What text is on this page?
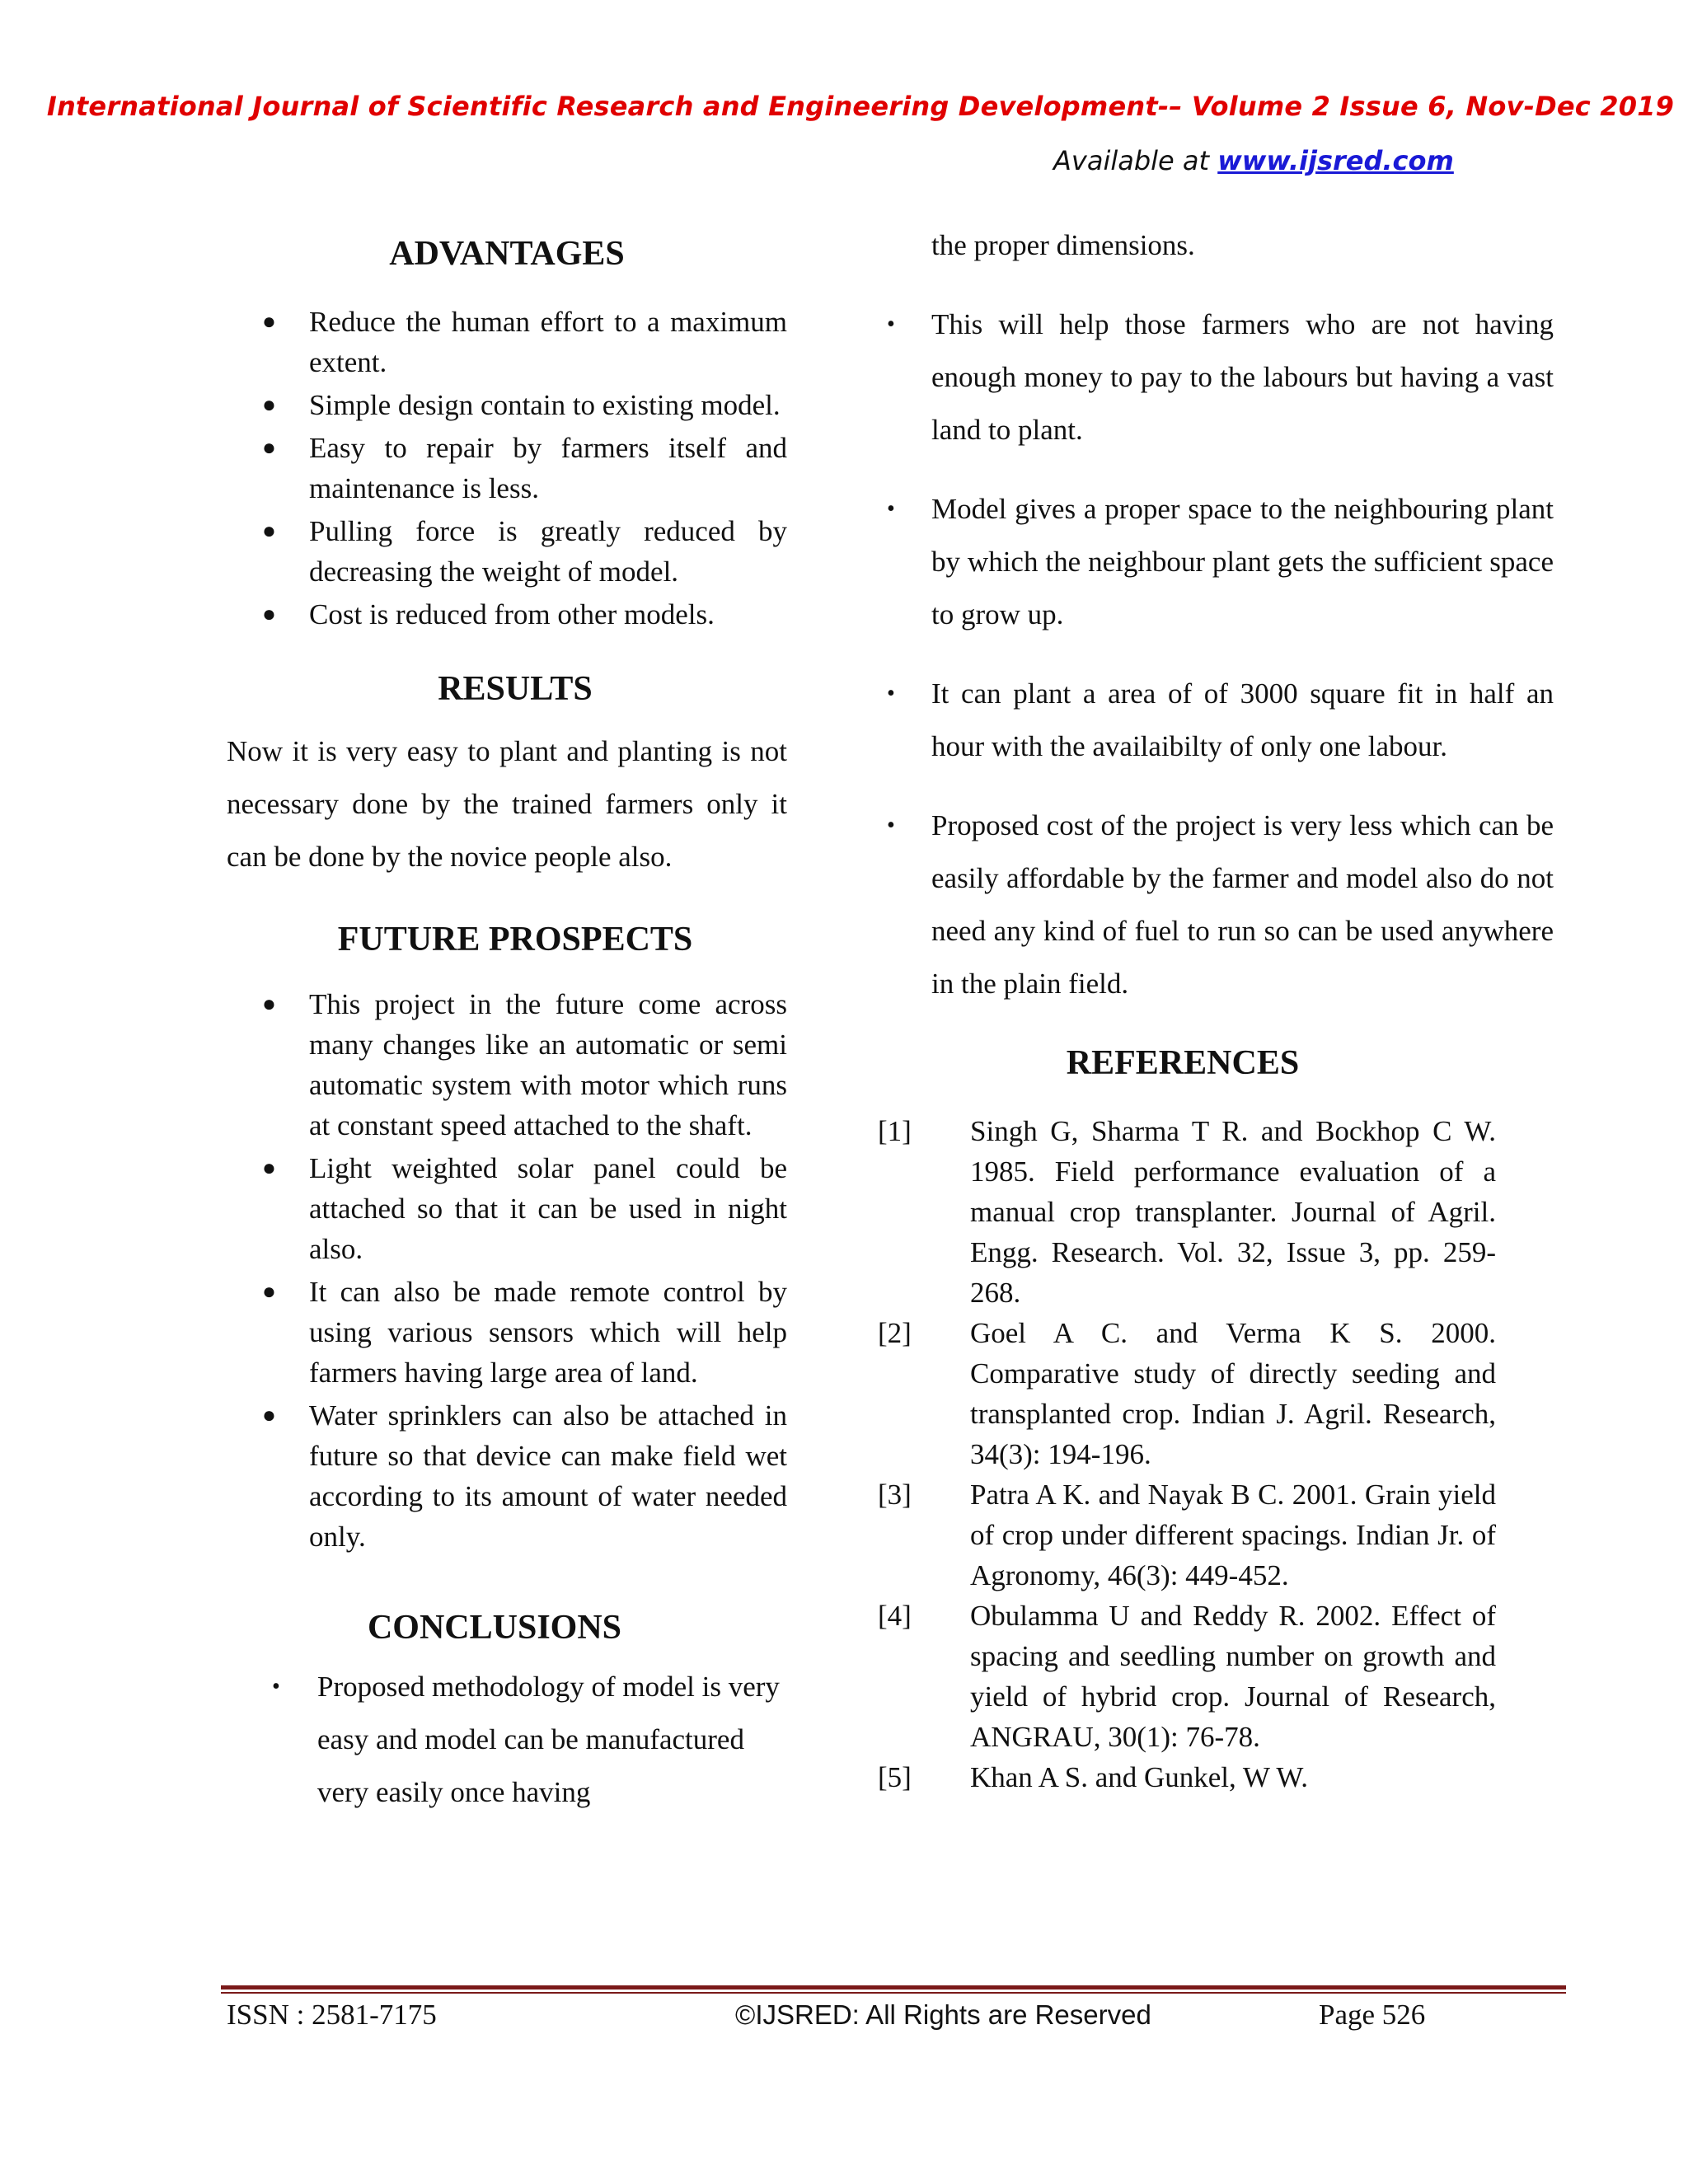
International Journal of Scientific Research and Engineering Development-– Volume 2 Issue 6, Nov-Dec 2019
Available at www.ijsred.com
ADVANTAGES
● Reduce the human effort to a maximum extent.
● Simple design contain to existing model.
● Easy to repair by farmers itself and maintenance is less.
● Pulling force is greatly reduced by decreasing the weight of model.
● Cost is reduced from other models.
RESULTS

Now it is very easy to plant and planting is not necessary done by the trained farmers only it can be done by the novice people also.

FUTURE PROSPECTS
● This project in the future come across many changes like an automatic or semi automatic system with motor which runs at constant speed attached to the shaft.
● Light weighted solar panel could be attached so that it can be used in night also.
● It can also be made remote control by using various sensors which will help farmers having large area of land.
● Water sprinklers can also be attached in future so that device can make field wet according to its amount of water needed only.
CONCLUSIONS
• Proposed methodology of model is very easy and model can be manufactured very easily once having

the proper dimensions.

• This will help those farmers who are not having enough money to pay to the labours but having a vast land to plant.
• Model gives a proper space to the neighbouring plant by which the neighbour plant gets the sufficient space to grow up.
• It can plant a area of of 3000 square fit in half an hour with the availaibilty of only one labour.
• Proposed cost of the project is very less which can be easily affordable by the farmer and model also do not need any kind of fuel to run so can be used anywhere in the plain field.
REFERENCES
[1] Singh G, Sharma T R. and Bockhop C W. 1985. Field performance evaluation of a manual crop transplanter. Journal of Agril. Engg. Research. Vol. 32, Issue 3, pp. 259-268.
[2] Goel A C. and Verma K S. 2000. Comparative study of directly seeding and transplanted crop. Indian J. Agril. Research, 34(3): 194-196.
[3] Patra A K. and Nayak B C. 2001. Grain yield of crop under different spacings. Indian Jr. of Agronomy, 46(3): 449-452.
[4] Obulamma U and Reddy R. 2002. Effect of spacing and seedling number on growth and yield of hybrid crop. Journal of Research, ANGRAU, 30(1): 76-78.
[5] Khan A S. and Gunkel, W W.
ISSN : 2581-7175	©IJSRED: All Rights are Reserved	Page 526
